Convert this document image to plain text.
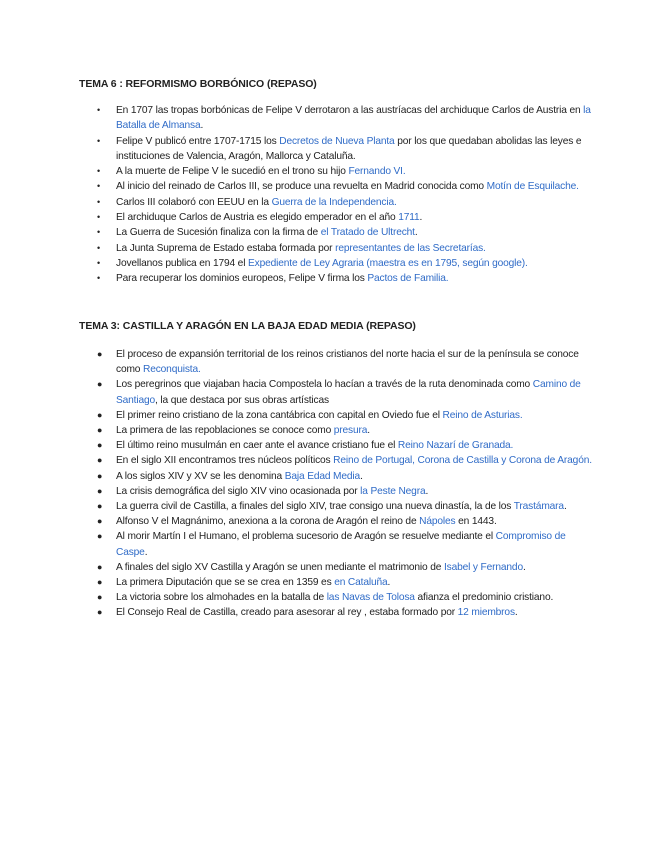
TEMA 6 : REFORMISMO BORBÓNICO (REPASO)

• En 1707 las tropas borbónicas de Felipe V derrotaron a las austríacas del archiduque Carlos de Austria en la Batalla de Almansa.
• Felipe V publicó entre 1707-1715 los Decretos de Nueva Planta por los que quedaban abolidas las leyes e instituciones de Valencia, Aragón, Mallorca y Cataluña.
• A la muerte de Felipe V le sucedió en el trono su hijo Fernando VI.
• Al inicio del reinado de Carlos III, se produce una revuelta en Madrid conocida como Motín de Esquilache.
• Carlos III colaboró con EEUU en la Guerra de la Independencia.
• El archiduque Carlos de Austria es elegido emperador en el año 1711.
• La Guerra de Sucesión finaliza con la firma de el Tratado de Ultrecht.
• La Junta Suprema de Estado estaba formada por representantes de las Secretarías.
• Jovellanos publica en 1794 el Expediente de Ley Agraria (maestra es en 1795, según google).
• Para recuperar los dominios europeos, Felipe V firma los Pactos de Familia.

TEMA 3: CASTILLA Y ARAGÓN EN LA BAJA EDAD MEDIA (REPASO)

● El proceso de expansión territorial de los reinos cristianos del norte hacia el sur de la península se conoce como Reconquista.
● Los peregrinos que viajaban hacia Compostela lo hacían a través de la ruta denominada como Camino de Santiago, la que destaca por sus obras artísticas
● El primer reino cristiano de la zona cantábrica con capital en Oviedo fue el Reino de Asturias.
● La primera de las repoblaciones se conoce como presura.
● El último reino musulmán en caer ante el avance cristiano fue el Reino Nazarí de Granada.
● En el siglo XII encontramos tres núcleos políticos Reino de Portugal, Corona de Castilla y Corona de Aragón.
● A los siglos XIV y XV se les denomina Baja Edad Media.
● La crisis demográfica del siglo XIV vino ocasionada por la Peste Negra.
● La guerra civil de Castilla, a finales del siglo XIV, trae consigo una nueva dinastía, la de los Trastámara.
● Alfonso V el Magnánimo, anexiona a la corona de Aragón el reino de Nápoles en 1443.
● Al morir Martín I el Humano, el problema sucesorio de Aragón se resuelve mediante el Compromiso de Caspe.
● A finales del siglo XV Castilla y Aragón se unen mediante el matrimonio de Isabel y Fernando.
● La primera Diputación que se se crea en 1359 es en Cataluña.
● La victoria sobre los almohades en la batalla de las Navas de Tolosa afianza el predominio cristiano.
● El Consejo Real de Castilla, creado para asesorar al rey , estaba formado por 12 miembros.
